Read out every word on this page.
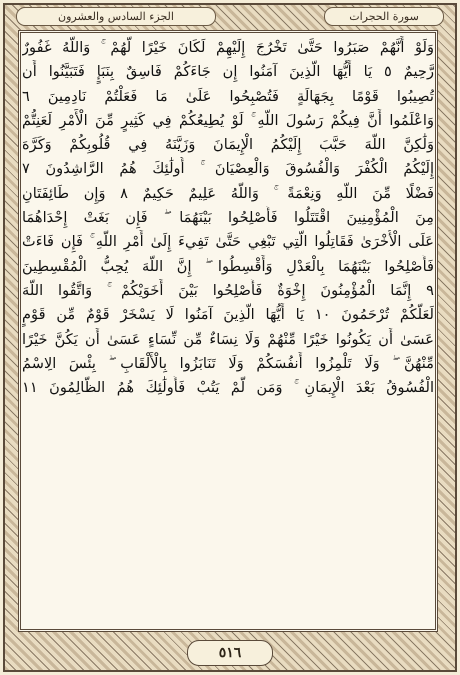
الجزء السادس والعشرون	سورة الحجرات
وَلَوْ أَنَّهُمْ صَبَرُوا حَتَّىٰ تَخْرُجَ إِلَيْهِمْ لَكَانَ خَيْرًا لَّهُمْ ۚ وَاللَّهُ غَفُورٌ
رَّحِيمٌ ٥ يَا أَيُّهَا الَّذِينَ آمَنُوا إِن جَاءَكُمْ فَاسِقٌ بِنَبَإٍ فَتَبَيَّنُوا أَن
تُصِيبُوا قَوْمًا بِجَهَالَةٍ فَتُصْبِحُوا عَلَىٰ مَا فَعَلْتُمْ نَادِمِينَ ٦
وَاعْلَمُوا أَنَّ فِيكُمْ رَسُولَ اللَّهِ ۚ لَوْ يُطِيعُكُمْ فِي كَثِيرٍ مِّنَ الْأَمْرِ لَعَنِتُّمْ
وَلَٰكِنَّ اللَّهَ حَبَّبَ إِلَيْكُمُ الْإِيمَانَ وَزَيَّنَهُ فِي قُلُوبِكُمْ وَكَرَّهَ
إِلَيْكُمُ الْكُفْرَ وَالْفُسُوقَ وَالْعِصْيَانَ ۚ أُولَٰئِكَ هُمُ الرَّاشِدُونَ ٧
فَضْلًا مِّنَ اللَّهِ وَنِعْمَةً ۚ وَاللَّهُ عَلِيمٌ حَكِيمٌ ٨ وَإِن طَائِفَتَانِ
مِنَ الْمُؤْمِنِينَ اقْتَتَلُوا فَأَصْلِحُوا بَيْنَهُمَا ۖ فَإِن بَغَتْ إِحْدَاهُمَا
عَلَى الْأُخْرَىٰ فَقَاتِلُوا الَّتِي تَبْغِي حَتَّىٰ تَفِيءَ إِلَىٰ أَمْرِ اللَّهِ ۚ فَإِن فَاءَتْ
فَأَصْلِحُوا بَيْنَهُمَا بِالْعَدْلِ وَأَقْسِطُوا ۖ إِنَّ اللَّهَ يُحِبُّ الْمُقْسِطِينَ
٩ إِنَّمَا الْمُؤْمِنُونَ إِخْوَةٌ فَأَصْلِحُوا بَيْنَ أَخَوَيْكُمْ ۚ وَاتَّقُوا اللَّهَ
لَعَلَّكُمْ تُرْحَمُونَ ١٠ يَا أَيُّهَا الَّذِينَ آمَنُوا لَا يَسْخَرْ قَوْمٌ مِّن قَوْمٍ
عَسَىٰ أَن يَكُونُوا خَيْرًا مِّنْهُمْ وَلَا نِسَاءٌ مِّن نِّسَاءٍ عَسَىٰ أَن يَكُنَّ خَيْرًا
مِّنْهُنَّ ۖ وَلَا تَلْمِزُوا أَنفُسَكُمْ وَلَا تَنَابَزُوا بِالْأَلْقَابِ ۖ بِئْسَ الِاسْمُ
الْفُسُوقُ بَعْدَ الْإِيمَانِ ۚ وَمَن لَّمْ يَتُبْ فَأُولَٰئِكَ هُمُ الظَّالِمُونَ ١١
٥١٦
